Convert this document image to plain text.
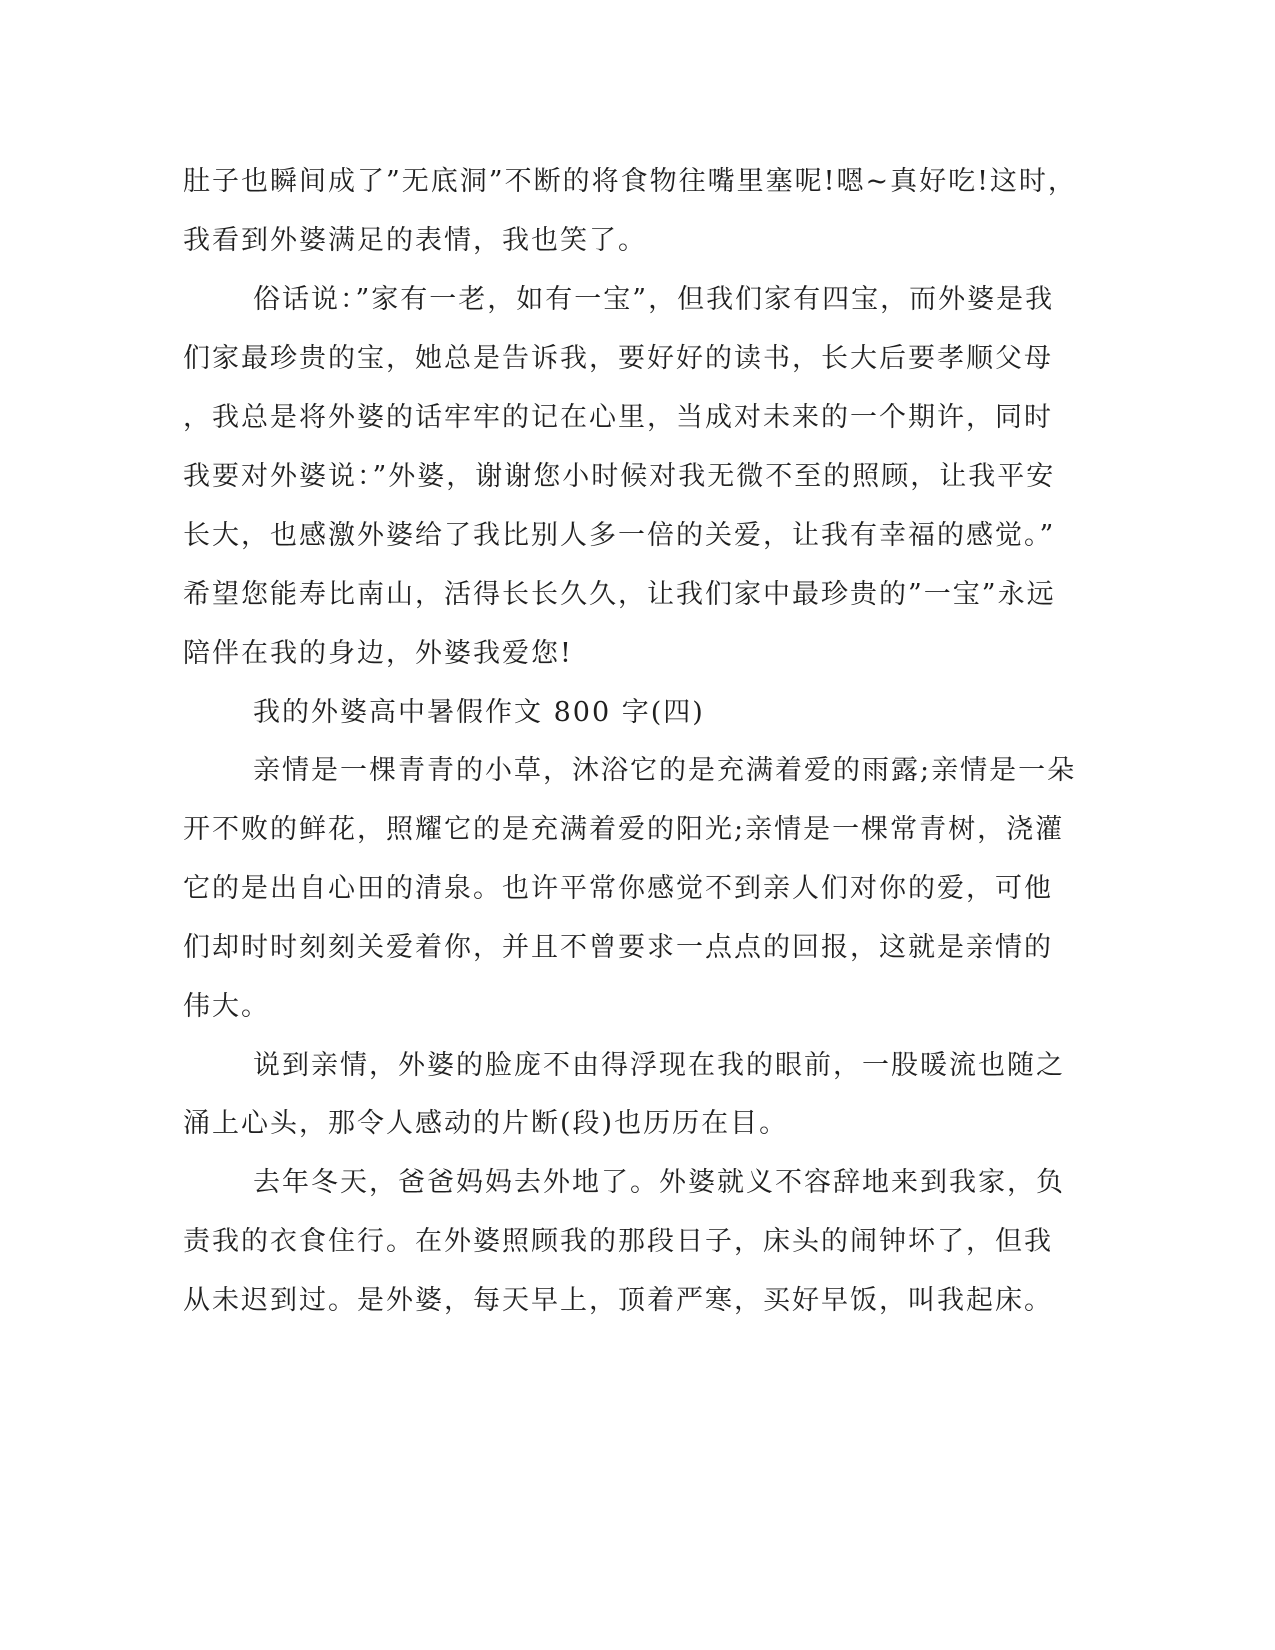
肚子也瞬间成了”无底洞”不断的将食物往嘴里塞呢!嗯~真好吃!这时，
我看到外婆满足的表情，我也笑了。
俗话说：”家有一老，如有一宝”，但我们家有四宝，而外婆是我
们家最珍贵的宝，她总是告诉我，要好好的读书，长大后要孝顺父母
，我总是将外婆的话牢牢的记在心里，当成对未来的一个期许，同时
我要对外婆说：”外婆，谢谢您小时候对我无微不至的照顾，让我平安
长大，也感激外婆给了我比别人多一倍的关爱，让我有幸福的感觉。”
希望您能寿比南山，活得长长久久，让我们家中最珍贵的”一宝”永远
陪伴在我的身边，外婆我爱您!
我的外婆高中暑假作文 800 字(四)
亲情是一棵青青的小草，沐浴它的是充满着爱的雨露;亲情是一朵
开不败的鲜花，照耀它的是充满着爱的阳光;亲情是一棵常青树，浇灌
它的是出自心田的清泉。也许平常你感觉不到亲人们对你的爱，可他
们却时时刻刻关爱着你，并且不曾要求一点点的回报，这就是亲情的
伟大。
说到亲情，外婆的脸庞不由得浮现在我的眼前，一股暖流也随之
涌上心头，那令人感动的片断(段)也历历在目。
去年冬天，爸爸妈妈去外地了。外婆就义不容辞地来到我家，负
责我的衣食住行。在外婆照顾我的那段日子，床头的闹钟坏了，但我
从未迟到过。是外婆，每天早上，顶着严寒，买好早饭，叫我起床。
